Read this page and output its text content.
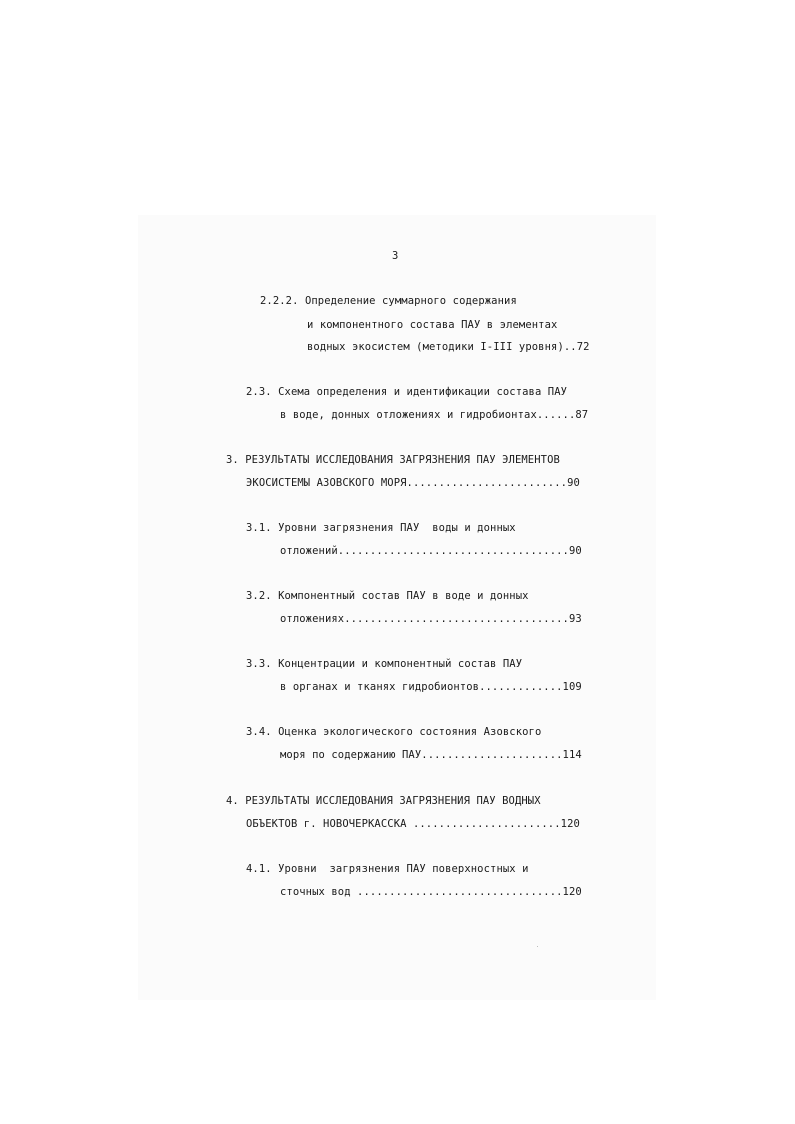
3
2.2.2. Определение суммарного содержания
и компонентного состава ПАУ в элементах
водных экосистем (методики I-III уровня)..72
2.3. Схема определения и идентификации состава ПАУ
в воде, донных отложениях и гидробионтах......87
3. РЕЗУЛЬТАТЫ ИССЛЕДОВАНИЯ ЗАГРЯЗНЕНИЯ ПАУ ЭЛЕМЕНТОВ
ЭКОСИСТЕМЫ АЗОВСКОГО МОРЯ.........................90
3.1. Уровни загрязнения ПАУ  воды и донных
отложений....................................90
3.2. Компонентный состав ПАУ в воде и донных
отложениях...................................93
3.3. Концентрации и компонентный состав ПАУ
в органах и тканях гидробионтов.............109
3.4. Оценка экологического состояния Азовского
моря по содержанию ПАУ......................114
4. РЕЗУЛЬТАТЫ ИССЛЕДОВАНИЯ ЗАГРЯЗНЕНИЯ ПАУ ВОДНЫХ
ОБЪЕКТОВ г. НОВОЧЕРКАССКА .......................120
4.1. Уровни  загрязнения ПАУ поверхностных и
сточных вод ................................120
